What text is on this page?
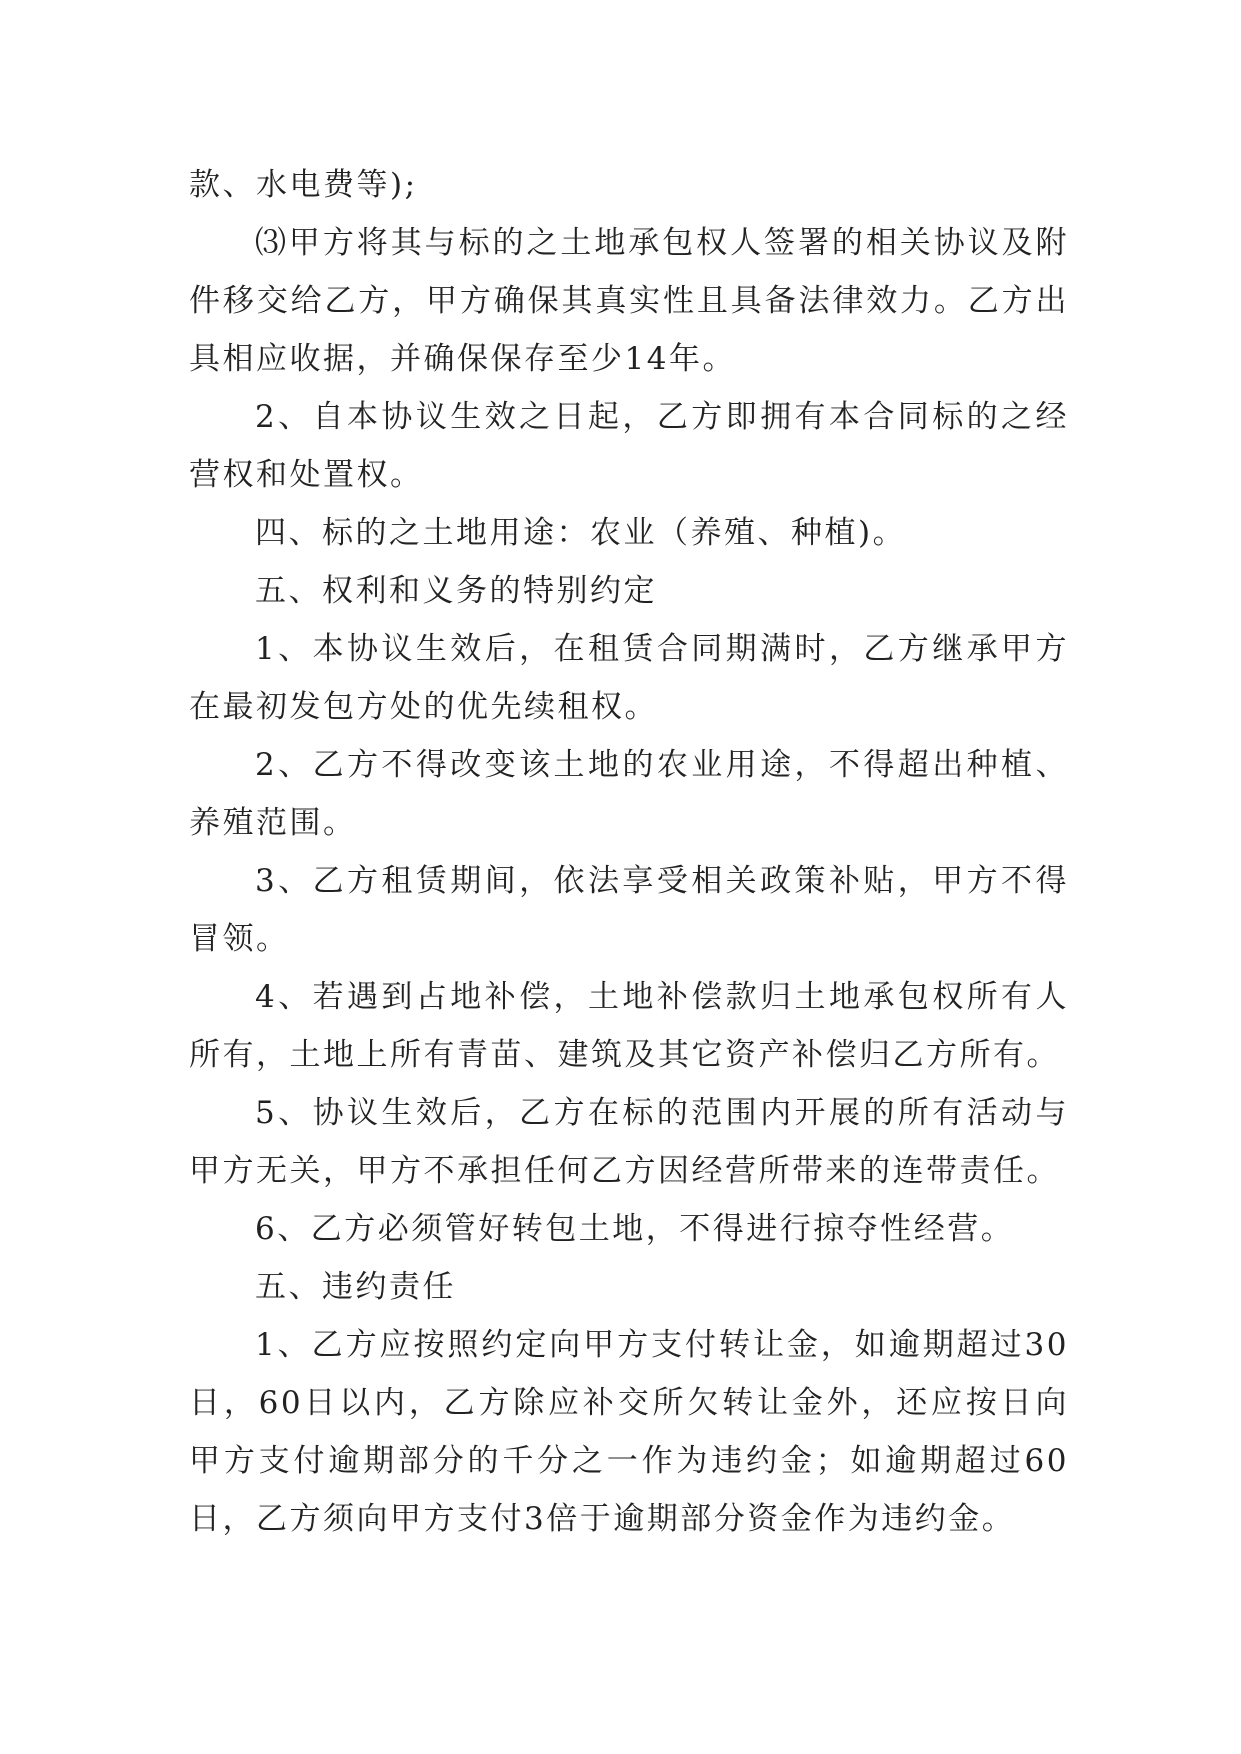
款、水电费等);

⑶甲方将其与标的之土地承包权人签署的相关协议及附件移交给乙方，甲方确保其真实性且具备法律效力。乙方出具相应收据，并确保保存至少14年。

2、自本协议生效之日起，乙方即拥有本合同标的之经营权和处置权。

四、标的之土地用途：农业（养殖、种植)。

五、权利和义务的特别约定

1、本协议生效后，在租赁合同期满时，乙方继承甲方在最初发包方处的优先续租权。

2、乙方不得改变该土地的农业用途，不得超出种植、养殖范围。

3、乙方租赁期间，依法享受相关政策补贴，甲方不得冒领。

4、若遇到占地补偿，土地补偿款归土地承包权所有人所有，土地上所有青苗、建筑及其它资产补偿归乙方所有。

5、协议生效后，乙方在标的范围内开展的所有活动与甲方无关，甲方不承担任何乙方因经营所带来的连带责任。

6、乙方必须管好转包土地，不得进行掠夺性经营。

五、违约责任

1、乙方应按照约定向甲方支付转让金，如逾期超过30日，60日以内，乙方除应补交所欠转让金外，还应按日向甲方支付逾期部分的千分之一作为违约金；如逾期超过60日，乙方须向甲方支付3倍于逾期部分资金作为违约金。
